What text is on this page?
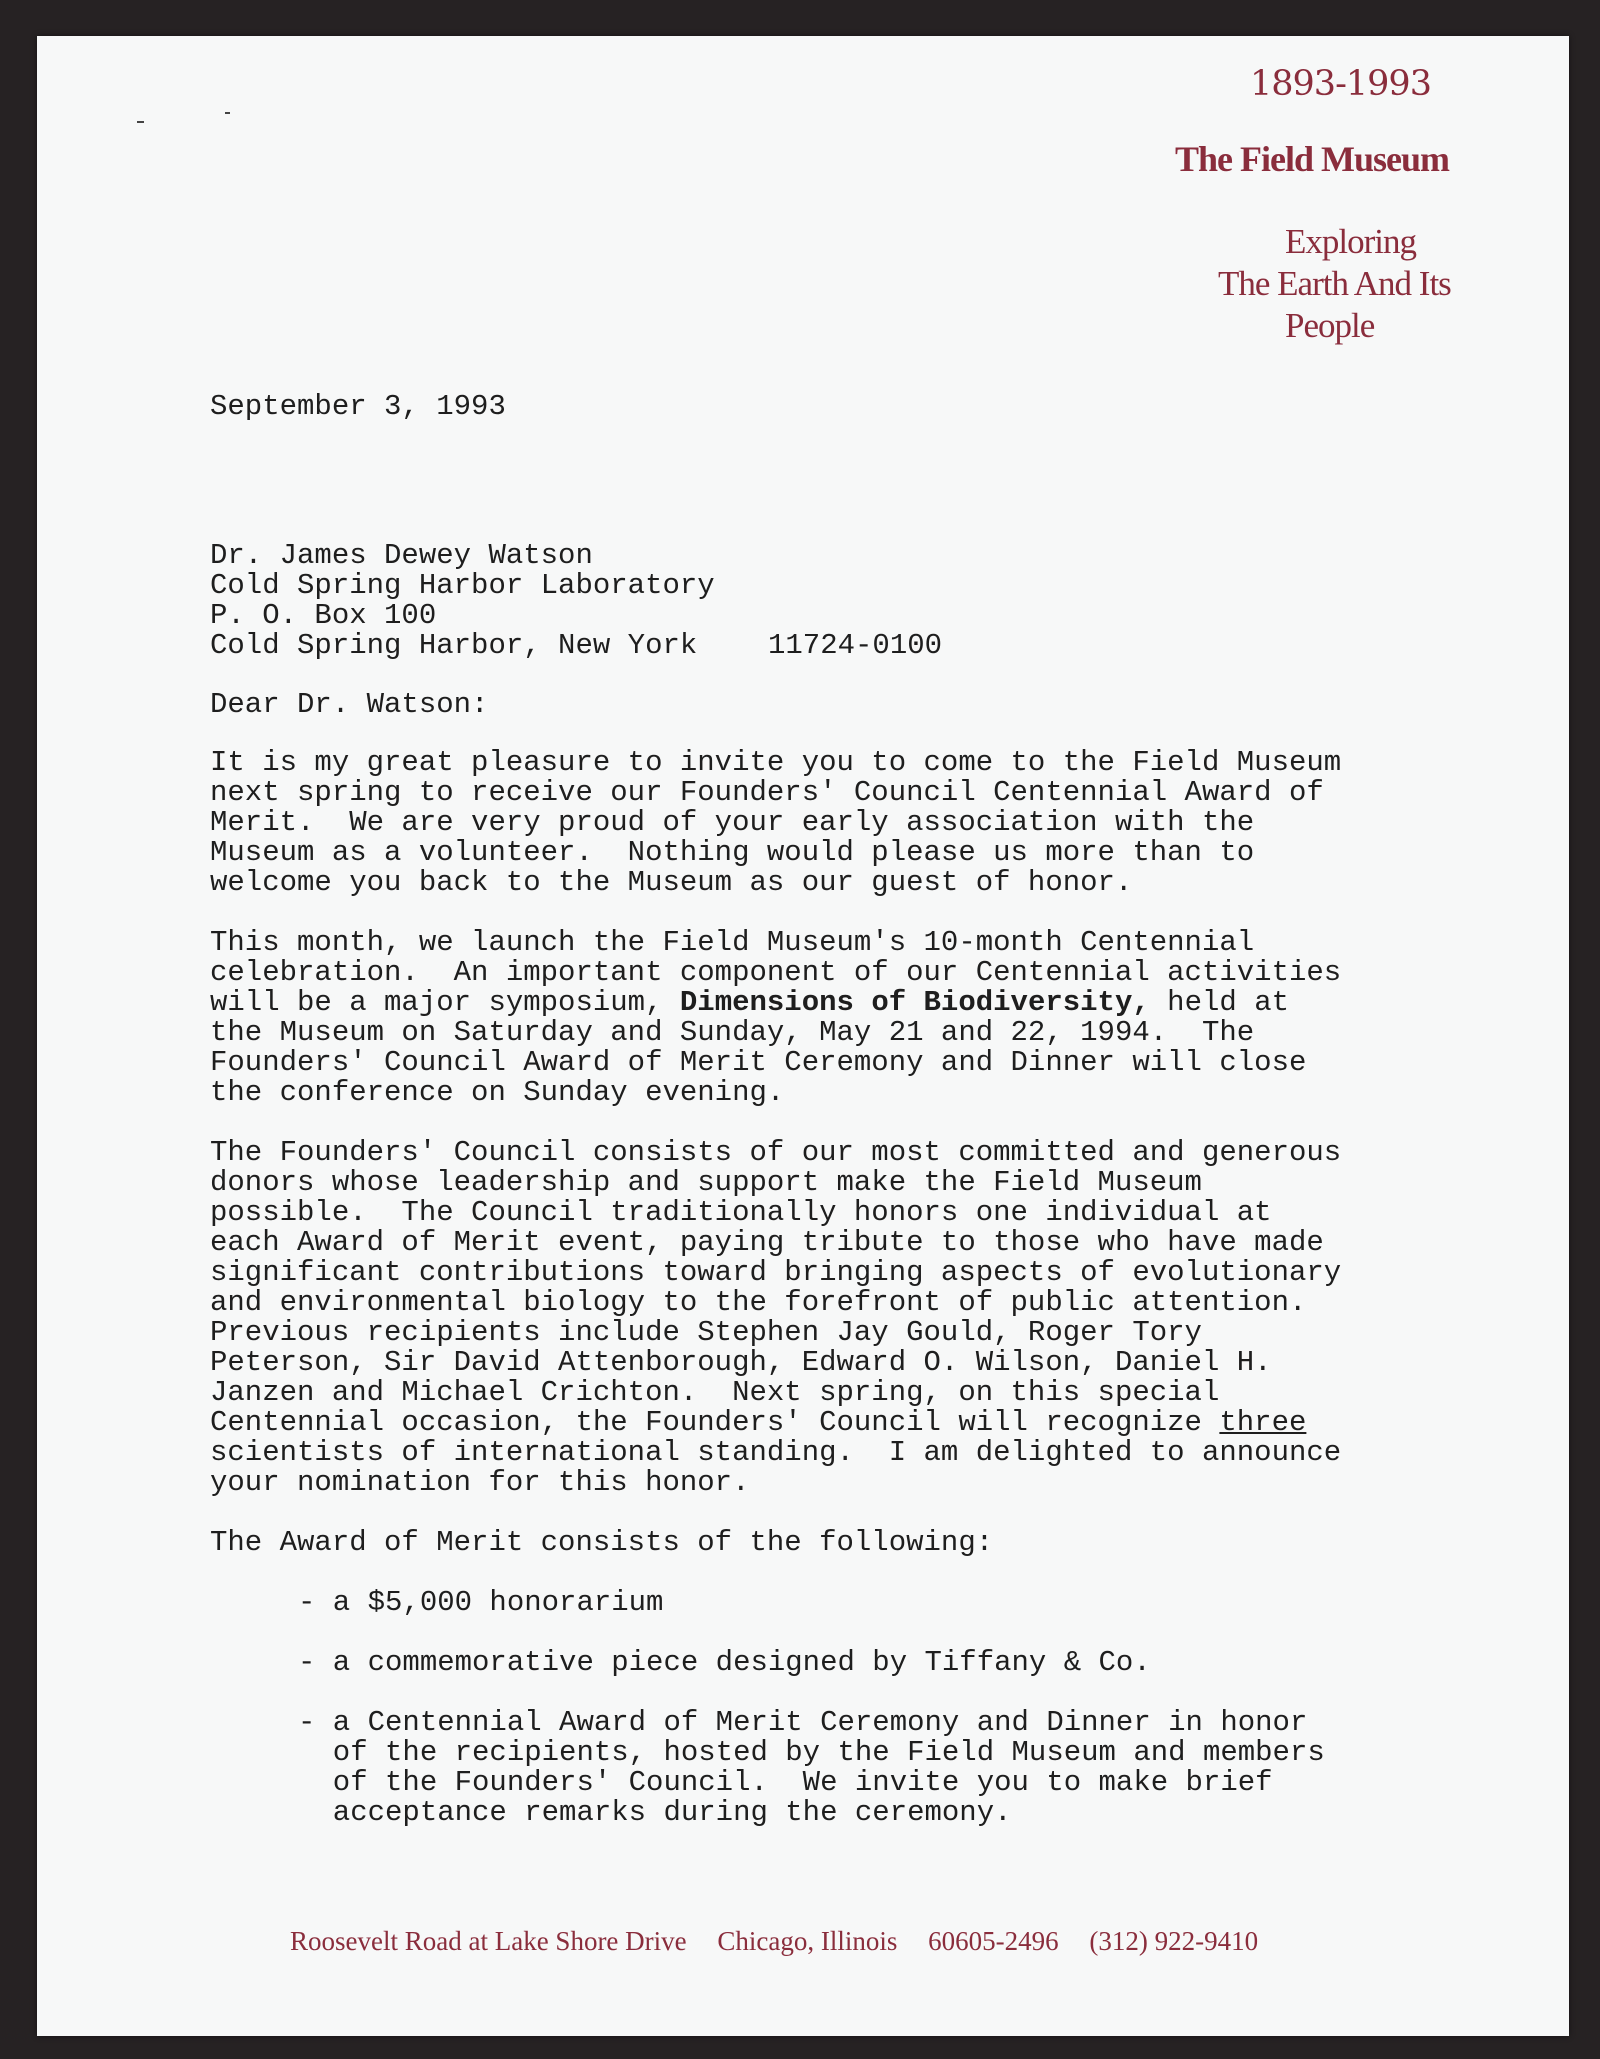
1893-1993
The Field Museum
Exploring
The Earth And Its
People
September 3, 1993
Dr. James Dewey Watson
Cold Spring Harbor Laboratory
P. O. Box 100
Cold Spring Harbor, New York 11724-0100
Dear Dr. Watson:
It is my great pleasure to invite you to come to the Field Museum
next spring to receive our Founders' Council Centennial Award of
Merit.  We are very proud of your early association with the
Museum as a volunteer.  Nothing would please us more than to
welcome you back to the Museum as our guest of honor.
This month, we launch the Field Museum's 10-month Centennial
celebration.  An important component of our Centennial activities
will be a major symposium, Dimensions of Biodiversity, held at
the Museum on Saturday and Sunday, May 21 and 22, 1994.  The
Founders' Council Award of Merit Ceremony and Dinner will close
the conference on Sunday evening.
The Founders' Council consists of our most committed and generous
donors whose leadership and support make the Field Museum
possible.  The Council traditionally honors one individual at
each Award of Merit event, paying tribute to those who have made
significant contributions toward bringing aspects of evolutionary
and environmental biology to the forefront of public attention.
Previous recipients include Stephen Jay Gould, Roger Tory
Peterson, Sir David Attenborough, Edward O. Wilson, Daniel H.
Janzen and Michael Crichton.  Next spring, on this special
Centennial occasion, the Founders' Council will recognize three
scientists of international standing.  I am delighted to announce
your nomination for this honor.
The Award of Merit consists of the following:
- a $5,000 honorarium
- a commemorative piece designed by Tiffany & Co.
- a Centennial Award of Merit Ceremony and Dinner in honor
of the recipients, hosted by the Field Museum and members
of the Founders' Council.  We invite you to make brief
acceptance remarks during the ceremony.
Roosevelt Road at Lake Shore Drive Chicago, Illinois 60605-2496 (312) 922-9410
